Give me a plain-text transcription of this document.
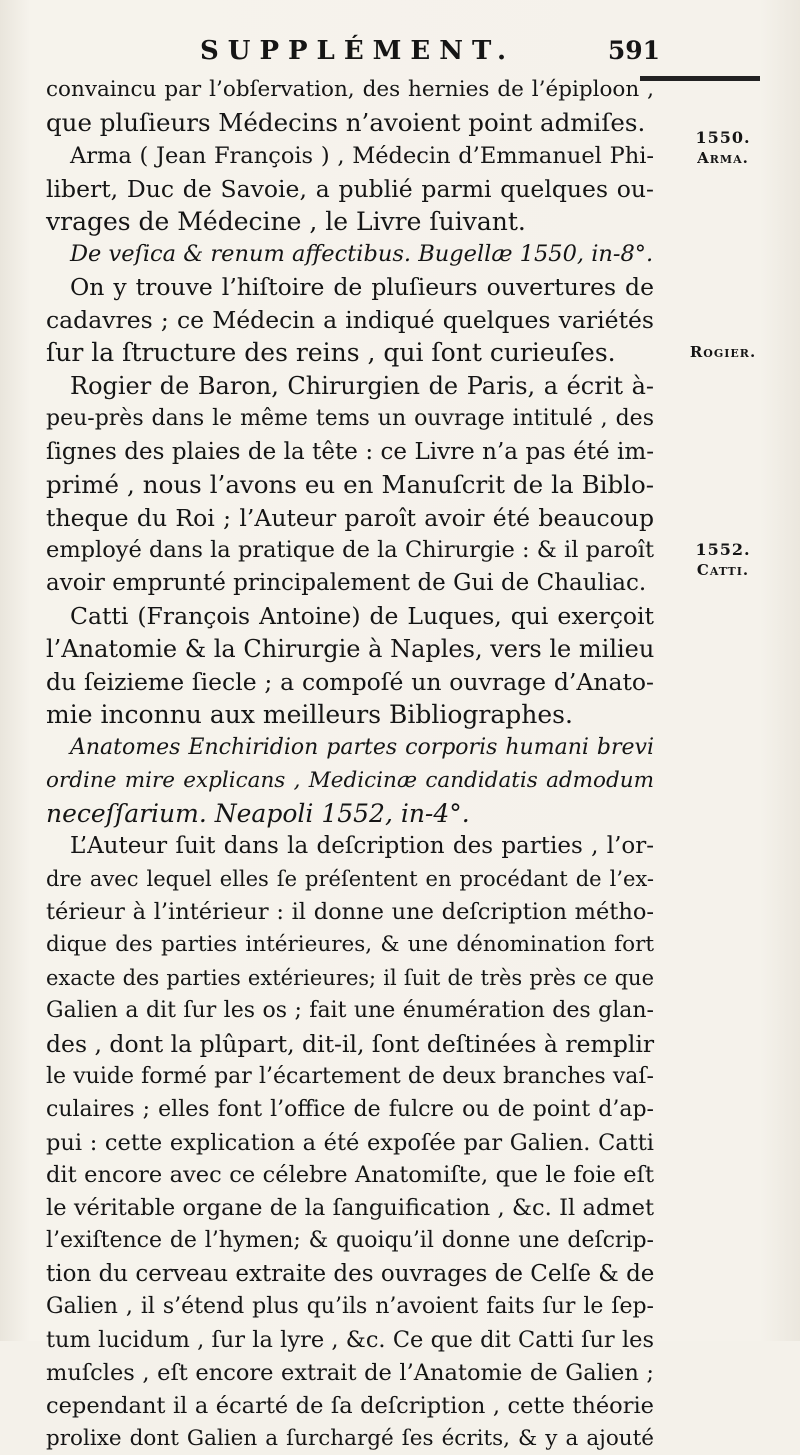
SUPPLÉMENT.	591
1550.
Arma.
Rogier.
1552.
Catti.
convaincu par l’obſervation, des hernies de l’épiploon ,
que pluſieurs Médecins n’avoient point admiſes.
Arma ( Jean François ) , Médecin d’Emmanuel Phi-
libert, Duc de Savoie, a publié parmi quelques ou-
vrages de Médecine , le Livre ſuivant.
De veſica & renum affectibus. Bugellæ 1550, in-8°.
On y trouve l’hiſtoire de pluſieurs ouvertures de
cadavres ; ce Médecin a indiqué quelques variétés
ſur la ſtructure des reins , qui ſont curieuſes.
Rogier de Baron, Chirurgien de Paris, a écrit à-
peu-près dans le même tems un ouvrage intitulé , des
ſignes des plaies de la tête : ce Livre n’a pas été im-
primé , nous l’avons eu en Manuſcrit de la Biblo-
theque du Roi ; l’Auteur paroît avoir été beaucoup
employé dans la pratique de la Chirurgie : & il paroît
avoir emprunté principalement de Gui de Chauliac.
Catti (François Antoine) de Luques, qui exerçoit
l’Anatomie & la Chirurgie à Naples, vers le milieu
du ſeizieme ſiecle ; a compoſé un ouvrage d’Anato-
mie inconnu aux meilleurs Bibliographes.
Anatomes Enchiridion partes corporis humani brevi
ordine mire explicans , Medicinæ candidatis admodum
neceſſarium. Neapoli 1552, in-4°.
L’Auteur ſuit dans la deſcription des parties , l’or-
dre avec lequel elles ſe préſentent en procédant de l’ex-
térieur à l’intérieur : il donne une deſcription métho-
dique des parties intérieures, & une dénomination fort
exacte des parties extérieures; il ſuit de très près ce que
Galien a dit ſur les os ; fait une énumération des glan-
des , dont la plûpart, dit-il, ſont deſtinées à remplir
le vuide formé par l’écartement de deux branches vaſ-
culaires ; elles font l’office de fulcre ou de point d’ap-
pui : cette explication a été expoſée par Galien. Catti
dit encore avec ce célebre Anatomiſte, que le foie eſt
le véritable organe de la ſanguification , &c. Il admet
l’exiſtence de l’hymen; & quoiqu’il donne une deſcrip-
tion du cerveau extraite des ouvrages de Celſe & de
Galien , il s’étend plus qu’ils n’avoient faits ſur le ſep-
tum lucidum , ſur la lyre , &c. Ce que dit Catti ſur les
muſcles , eſt encore extrait de l’Anatomie de Galien ;
cependant il a écarté de ſa deſcription , cette théorie
prolixe dont Galien a ſurchargé ſes écrits, & y a ajouté
